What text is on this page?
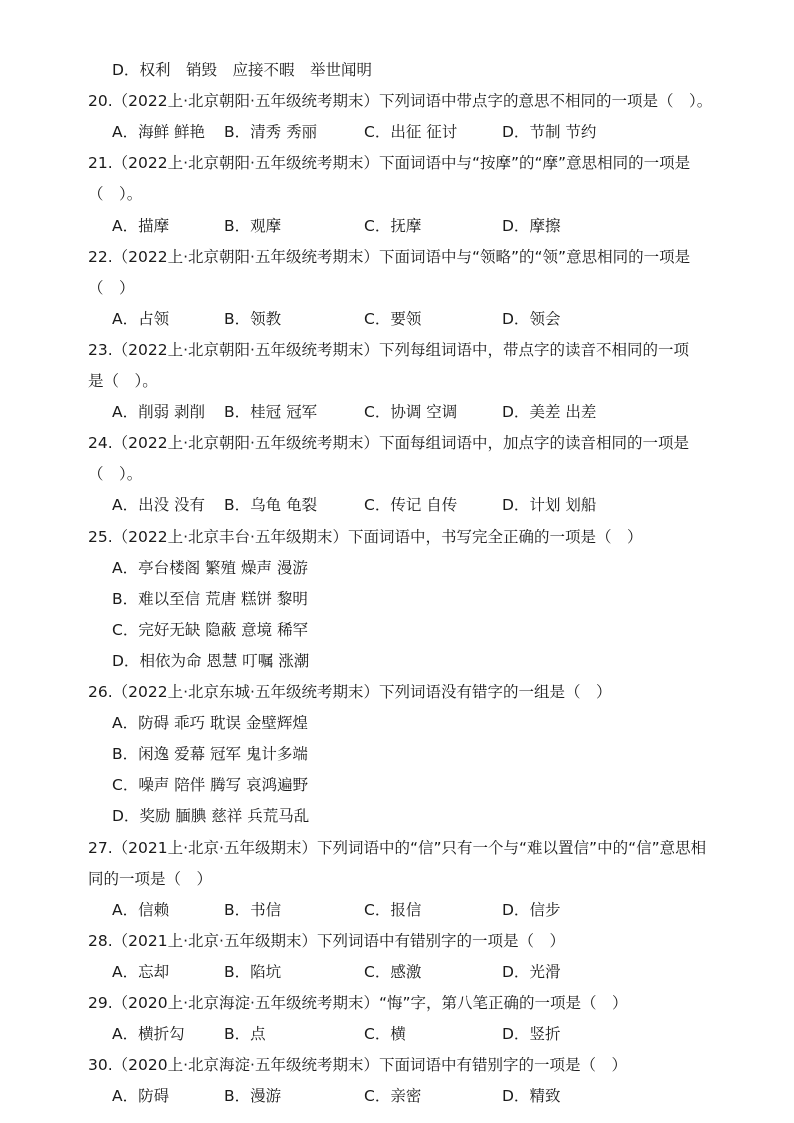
D．权利　销毁　应接不暇　举世闻明
20.（2022上·北京朝阳·五年级统考期末）下列词语中带点字的意思不相同的一项是（　）。
A．海鲜 鲜艳 B．清秀 秀丽	C．出征 征讨	D．节制 节约
21.（2022上·北京朝阳·五年级统考期末）下面词语中与“按摩”的“摩”意思相同的一项是
（　）。
A．描摩	B．观摩	C．抚摩	D．摩擦
22.（2022上·北京朝阳·五年级统考期末）下面词语中与“领略”的“领”意思相同的一项是
（　）
A．占领	B．领教	C．要领	D．领会
23.（2022上·北京朝阳·五年级统考期末）下列每组词语中，带点字的读音不相同的一项
是（　）。
A．削弱 剥削 B．桂冠 冠军	C．协调 空调	D．美差 出差
24.（2022上·北京朝阳·五年级统考期末）下面每组词语中，加点字的读音相同的一项是
（　）。
A．出没 没有 B．乌龟 龟裂	C．传记 自传	D．计划 划船
25.（2022上·北京丰台·五年级期末）下面词语中，书写完全正确的一项是（　）
A．亭台楼阁 繁殖 燥声 漫游
B．难以至信 荒唐 糕饼 黎明
C．完好无缺 隐蔽 意境 稀罕
D．相依为命 恩慧 叮嘱 涨潮
26.（2022上·北京东城·五年级统考期末）下列词语没有错字的一组是（　）
A．防碍 乖巧 耽误 金壁辉煌
B．闲逸 爱幕 冠军 鬼计多端
C．噪声 陪伴 腾写 哀鸿遍野
D．奖励 腼腆 慈祥 兵荒马乱
27.（2021上·北京·五年级期末）下列词语中的“信”只有一个与“难以置信”中的“信”意思相
同的一项是（　）
A．信赖	B．书信	C．报信	D．信步
28.（2021上·北京·五年级期末）下列词语中有错别字的一项是（　）
A．忘却	B．陷坑	C．感激	D．光滑
29.（2020上·北京海淀·五年级统考期末）“悔”字，第八笔正确的一项是（　）
A．横折勾	B．点	C．横	D．竖折
30.（2020上·北京海淀·五年级统考期末）下面词语中有错别字的一项是（　）
A．防碍	B．漫游	C．亲密	D．精致
